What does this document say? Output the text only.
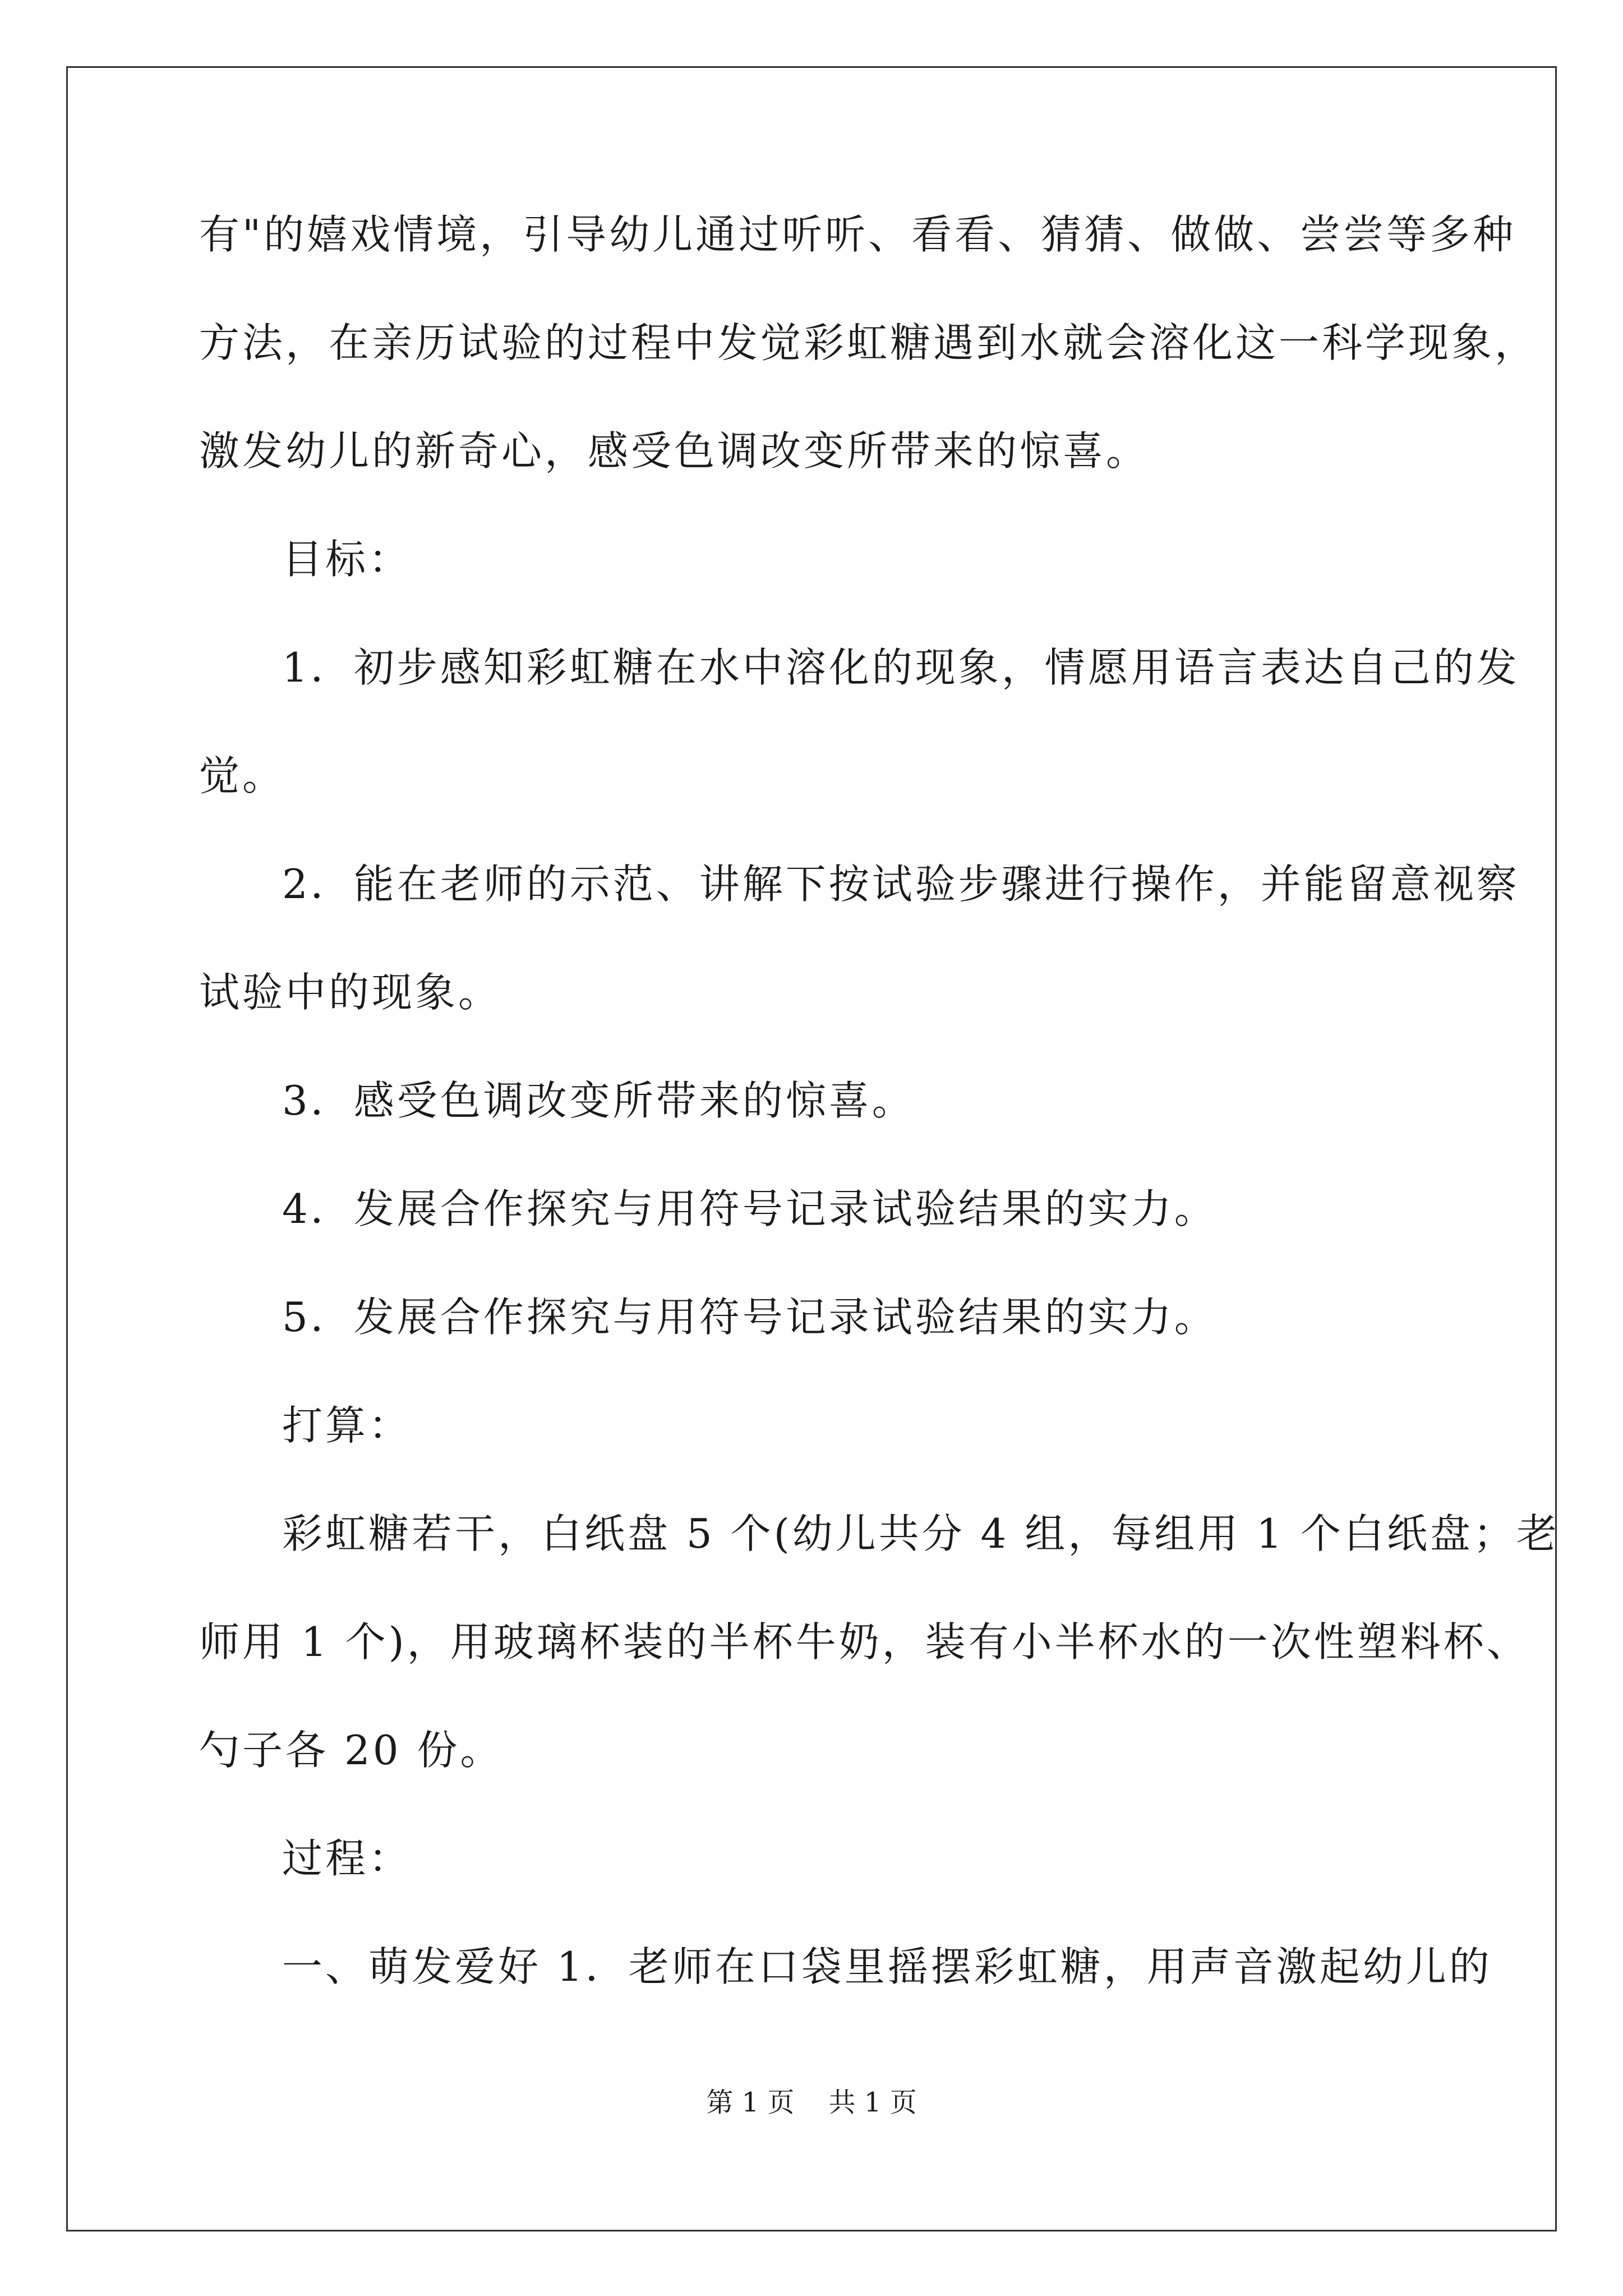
有"的嬉戏情境，引导幼儿通过听听、看看、猜猜、做做、尝尝等多种
方法，在亲历试验的过程中发觉彩虹糖遇到水就会溶化这一科学现象，
激发幼儿的新奇心，感受色调改变所带来的惊喜。
目标：
1．初步感知彩虹糖在水中溶化的现象，情愿用语言表达自己的发
觉。
2．能在老师的示范、讲解下按试验步骤进行操作，并能留意视察
试验中的现象。
3．感受色调改变所带来的惊喜。
4．发展合作探究与用符号记录试验结果的实力。
5．发展合作探究与用符号记录试验结果的实力。
打算：
彩虹糖若干，白纸盘 5 个(幼儿共分 4 组，每组用 1 个白纸盘；老
师用 1 个)，用玻璃杯装的半杯牛奶，装有小半杯水的一次性塑料杯、
勺子各 20 份。
过程：
一、萌发爱好 1．老师在口袋里摇摆彩虹糖，用声音激起幼儿的
第 1 页    共 1 页
